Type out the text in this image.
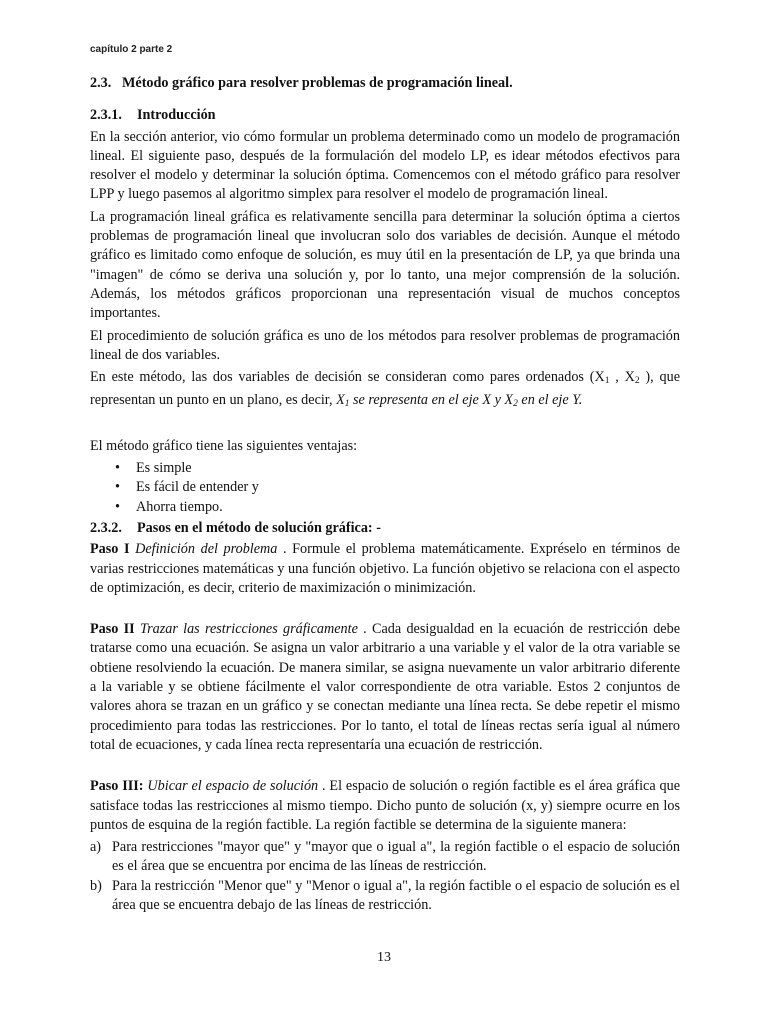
capítulo 2 parte 2
2.3. Método gráfico para resolver problemas de programación lineal.
2.3.1. Introducción

En la sección anterior, vio cómo formular un problema determinado como un modelo de programación lineal. El siguiente paso, después de la formulación del modelo LP, es idear métodos efectivos para resolver el modelo y determinar la solución óptima. Comencemos con el método gráfico para resolver LPP y luego pasemos al algoritmo simplex para resolver el modelo de programación lineal.

La programación lineal gráfica es relativamente sencilla para determinar la solución óptima a ciertos problemas de programación lineal que involucran solo dos variables de decisión. Aunque el método gráfico es limitado como enfoque de solución, es muy útil en la presentación de LP, ya que brinda una "imagen" de cómo se deriva una solución y, por lo tanto, una mejor comprensión de la solución. Además, los métodos gráficos proporcionan una representación visual de muchos conceptos importantes.

El procedimiento de solución gráfica es uno de los métodos para resolver problemas de programación lineal de dos variables.

En este método, las dos variables de decisión se consideran como pares ordenados ($X_1$ , $X_2$ ), que representan un punto en un plano, es decir, $X_1$ se representa en el eje X y $X_2$ en el eje Y.

El método gráfico tiene las siguientes ventajas:

• Es simple
• Es fácil de entender y
• Ahorra tiempo.
2.3.2. Pasos en el método de solución gráfica: -

Paso I Definición del problema . Formule el problema matemáticamente. Expréselo en términos de varias restricciones matemáticas y una función objetivo. La función objetivo se relaciona con el aspecto de optimización, es decir, criterio de maximización o minimización.

Paso II Trazar las restricciones gráficamente . Cada desigualdad en la ecuación de restricción debe tratarse como una ecuación. Se asigna un valor arbitrario a una variable y el valor de la otra variable se obtiene resolviendo la ecuación. De manera similar, se asigna nuevamente un valor arbitrario diferente a la variable y se obtiene fácilmente el valor correspondiente de otra variable. Estos 2 conjuntos de valores ahora se trazan en un gráfico y se conectan mediante una línea recta. Se debe repetir el mismo procedimiento para todas las restricciones. Por lo tanto, el total de líneas rectas sería igual al número total de ecuaciones, y cada línea recta representaría una ecuación de restricción.

Paso III: Ubicar el espacio de solución . El espacio de solución o región factible es el área gráfica que satisface todas las restricciones al mismo tiempo. Dicho punto de solución (x, y) siempre ocurre en los puntos de esquina de la región factible. La región factible se determina de la siguiente manera:

a) Para restricciones "mayor que" y "mayor que o igual a", la región factible o el espacio de solución es el área que se encuentra por encima de las líneas de restricción.
b) Para la restricción "Menor que" y "Menor o igual a", la región factible o el espacio de solución es el área que se encuentra debajo de las líneas de restricción.
13
